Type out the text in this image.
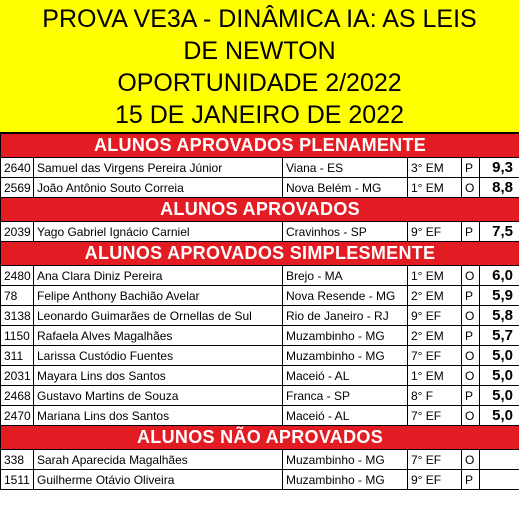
PROVA VE3A - DINÂMICA IA: AS LEIS
DE NEWTON
OPORTUNIDADE 2/2022
15 DE JANEIRO DE 2022
ALUNOS APROVADOS PLENAMENTE					
2640	Samuel das Virgens Pereira Júnior	Viana - ES	3° EM	P	9,3
2569	João Antônio Souto Correia	Nova Belém - MG	1° EM	O	8,8
ALUNOS APROVADOS					
2039	Yago Gabriel Ignácio Carniel	Cravinhos - SP	9° EF	P	7,5
ALUNOS APROVADOS SIMPLESMENTE					
2480	Ana Clara Diniz Pereira	Brejo - MA	1° EM	O	6,0
78	Felipe Anthony Bachião Avelar	Nova Resende - MG	2° EM	P	5,9
3138	Leonardo Guimarães de Ornellas de Sul	Rio de Janeiro - RJ	9° EF	O	5,8
1150	Rafaela Alves Magalhães	Muzambinho - MG	2° EM	P	5,7
311	Larissa Custódio Fuentes	Muzambinho - MG	7° EF	O	5,0
2031	Mayara Lins dos Santos	Maceió - AL	1° EM	O	5,0
2468	Gustavo Martins de Souza	Franca - SP	8° F	P	5,0
2470	Mariana Lins dos Santos	Maceió - AL	7° EF	O	5,0
ALUNOS NÃO APROVADOS					
338	Sarah Aparecida Magalhães	Muzambinho - MG	7° EF	O	
1511	Guilherme Otávio Oliveira	Muzambinho - MG	9° EF	P	
